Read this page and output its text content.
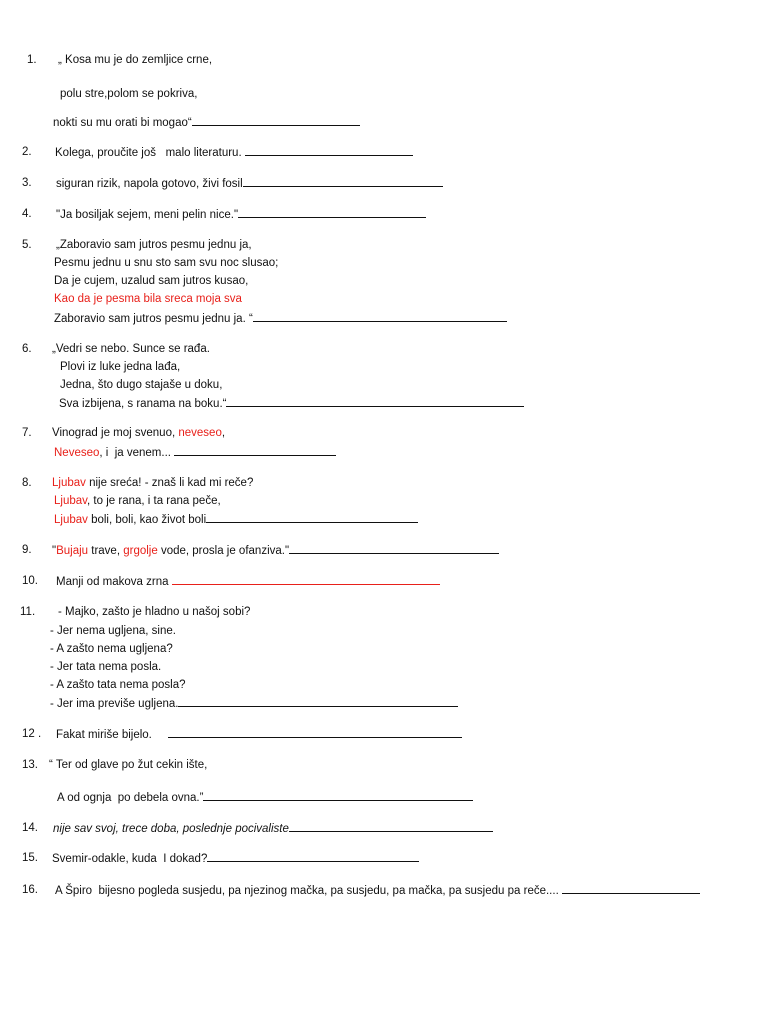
1. „ Kosa mu je do zemljice crne,
polu stre,polom se pokriva,
nokti su mu orati bi mogao“
2. Kolega, proučite još   malo literaturu.
3. siguran rizik, napola gotovo, živi fosil
4. "Ja bosiljak sejem, meni pelin nice."
5. „Zaboravio sam jutros pesmu jednu ja,
Pesmu jednu u snu sto sam svu noc slusao;
Da je cujem, uzalud sam jutros kusao,
Kao da je pesma bila sreca moja sva
Zaboravio sam jutros pesmu jednu ja. “
6. „Vedri se nebo. Sunce se rađa.
Plovi iz luke jedna lađa,
Jedna, što dugo stajaše u doku,
Sva izbijena, s ranama na boku.“
7. Vinograd je moj svenuo, neveseo,
Neveseo, i  ja venem...
8. Ljubav nije sreća! - znaš li kad mi reče?
Ljubav, to je rana, i ta rana peče,
Ljubav boli, boli, kao život boli
9. "Bujaju trave, grgolje vode, prosla je ofanziva."
10. Manji od makova zrna
11. - Majko, zašto je hladno u našoj sobi?
- Jer nema ugljena, sine.
- A zašto nema ugljena?
- Jer tata nema posla.
- A zašto tata nema posla?
- Jer ima previše ugljena.
12 . Fakat miriše bijelo.
13. “ Ter od glave po žut cekin ište,
A od ognja  po debela ovna.”
14. nije sav svoj, trece doba, poslednje pocivaliste
15. Svemir-odakle, kuda  I dokad?
16. A Špiro  bijesno pogleda susjedu, pa njezinog mačka, pa susjedu, pa mačka, pa susjedu pa reče....
